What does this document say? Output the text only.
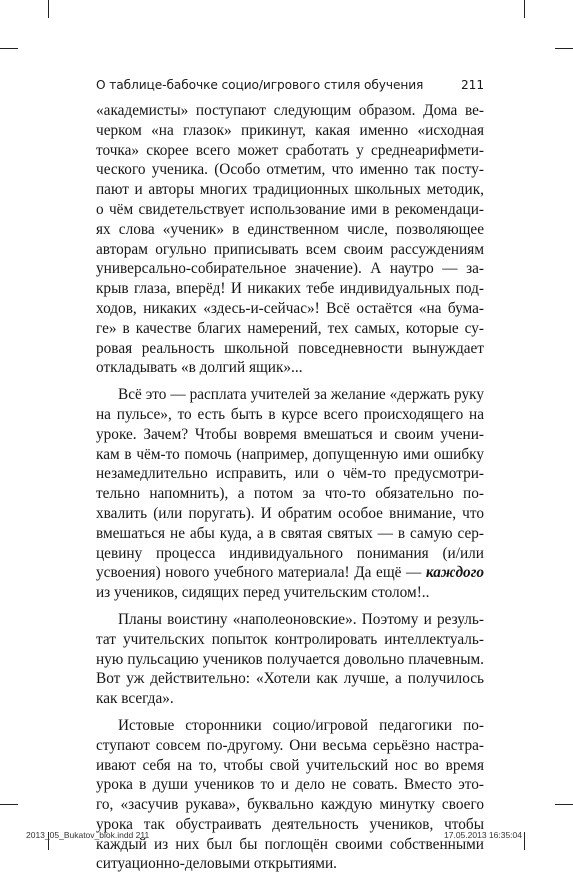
О таблице-бабочке социо/игрового стиля обучения	211

«академисты» поступают следующим образом. Дома ве-
черком «на глазок» прикинут, какая именно «исходная
точка» скорее всего может сработать у среднеарифмети-
ческого ученика. (Особо отметим, что именно так посту-
пают и авторы многих традиционных школьных методик,
о чём свидетельствует использование ими в рекомендаци-
ях слова «ученик» в единственном числе, позволяющее
авторам огульно приписывать всем своим рассуждениям
универсально-собирательное значение). А наутро — за-
крыв глаза, вперёд! И никаких тебе индивидуальных под-
ходов, никаких «здесь-и-сейчас»! Всё остаётся «на бума-
ге» в качестве благих намерений, тех самых, которые су-
ровая реальность школьной повседневности вынуждает
откладывать «в долгий ящик»...

Всё это — расплата учителей за желание «держать руку
на пульсе», то есть быть в курсе всего происходящего на
уроке. Зачем? Чтобы вовремя вмешаться и своим учени-
кам в чём-то помочь (например, допущенную ими ошибку
незамедлительно исправить, или о чём-то предусмотри-
тельно напомнить), а потом за что-то обязательно по-
хвалить (или поругать). И обратим особое внимание, что
вмешаться не абы куда, а в святая святых — в самую сер-
цевину процесса индивидуального понимания (и/или
усвоения) нового учебного материала! Да ещё — каждого
из учеников, сидящих перед учительским столом!..

Планы воистину «наполеоновские». Поэтому и резуль-
тат учительских попыток контролировать интеллектуаль-
ную пульсацию учеников получается довольно плачевным.
Вот уж действительно: «Хотели как лучше, а получилось
как всегда».

Истовые сторонники социо/игровой педагогики по-
ступают совсем по-другому. Они весьма серьёзно настра-
ивают себя на то, чтобы свой учительский нос во время
урока в души учеников то и дело не совать. Вместо это-
го, «засучив рукава», буквально каждую минутку своего
урока так обустраивать деятельность учеников, чтобы
каждый из них был бы поглощён своими собственными
ситуационно-деловыми открытиями.

2013_05_Bukatov_blok.indd 211	17.05.2013 16:35:04
